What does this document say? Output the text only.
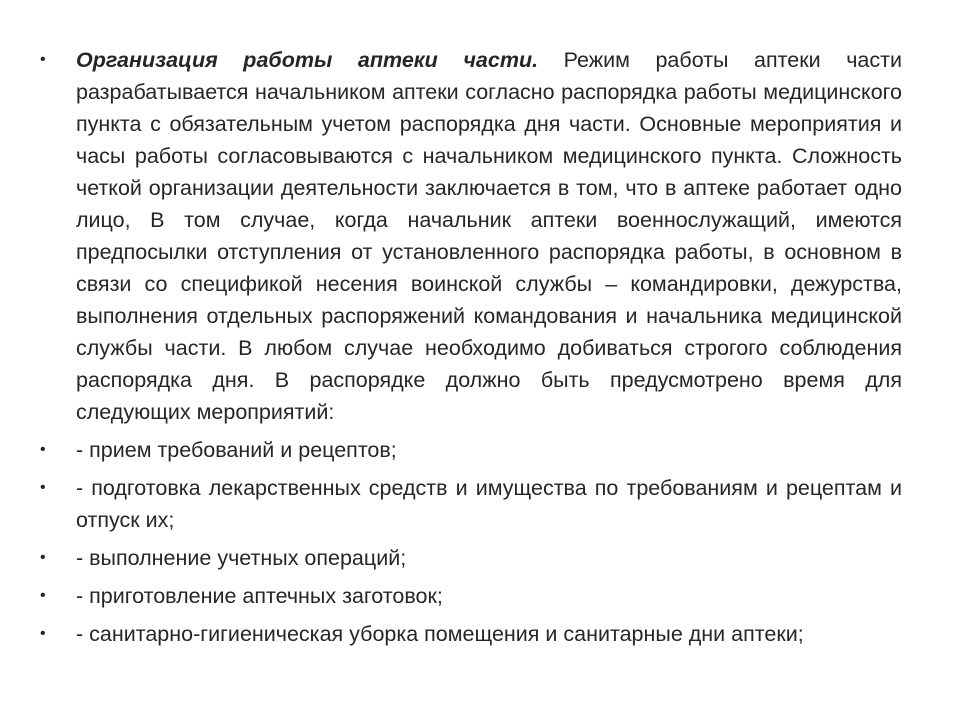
•	Организация работы аптеки части. Режим работы аптеки части разрабатывается начальником аптеки согласно распорядка работы медицинского пункта с обязательным учетом распорядка дня части. Основные мероприятия и часы работы согласовываются с начальником медицинского пункта. Сложность четкой организации деятельности заключается в том, что в аптеке работает одно лицо, В том случае, когда начальник аптеки военнослужащий, имеются предпосылки отступления от установленного распорядка работы, в основном в связи со спецификой несения воинской службы – командировки, дежурства, выполнения отдельных распоряжений командования и начальника медицинской службы части. В любом случае необходимо добиваться строгого соблюдения распорядка дня. В распорядке должно быть предусмотрено время для следующих мероприятий:
•	- прием требований и рецептов;
•	- подготовка лекарственных средств и имущества по требованиям и рецептам и отпуск их;
•	- выполнение учетных операций;
•	- приготовление аптечных заготовок;
•	- санитарно-гигиеническая уборка помещения и санитарные дни аптеки;
